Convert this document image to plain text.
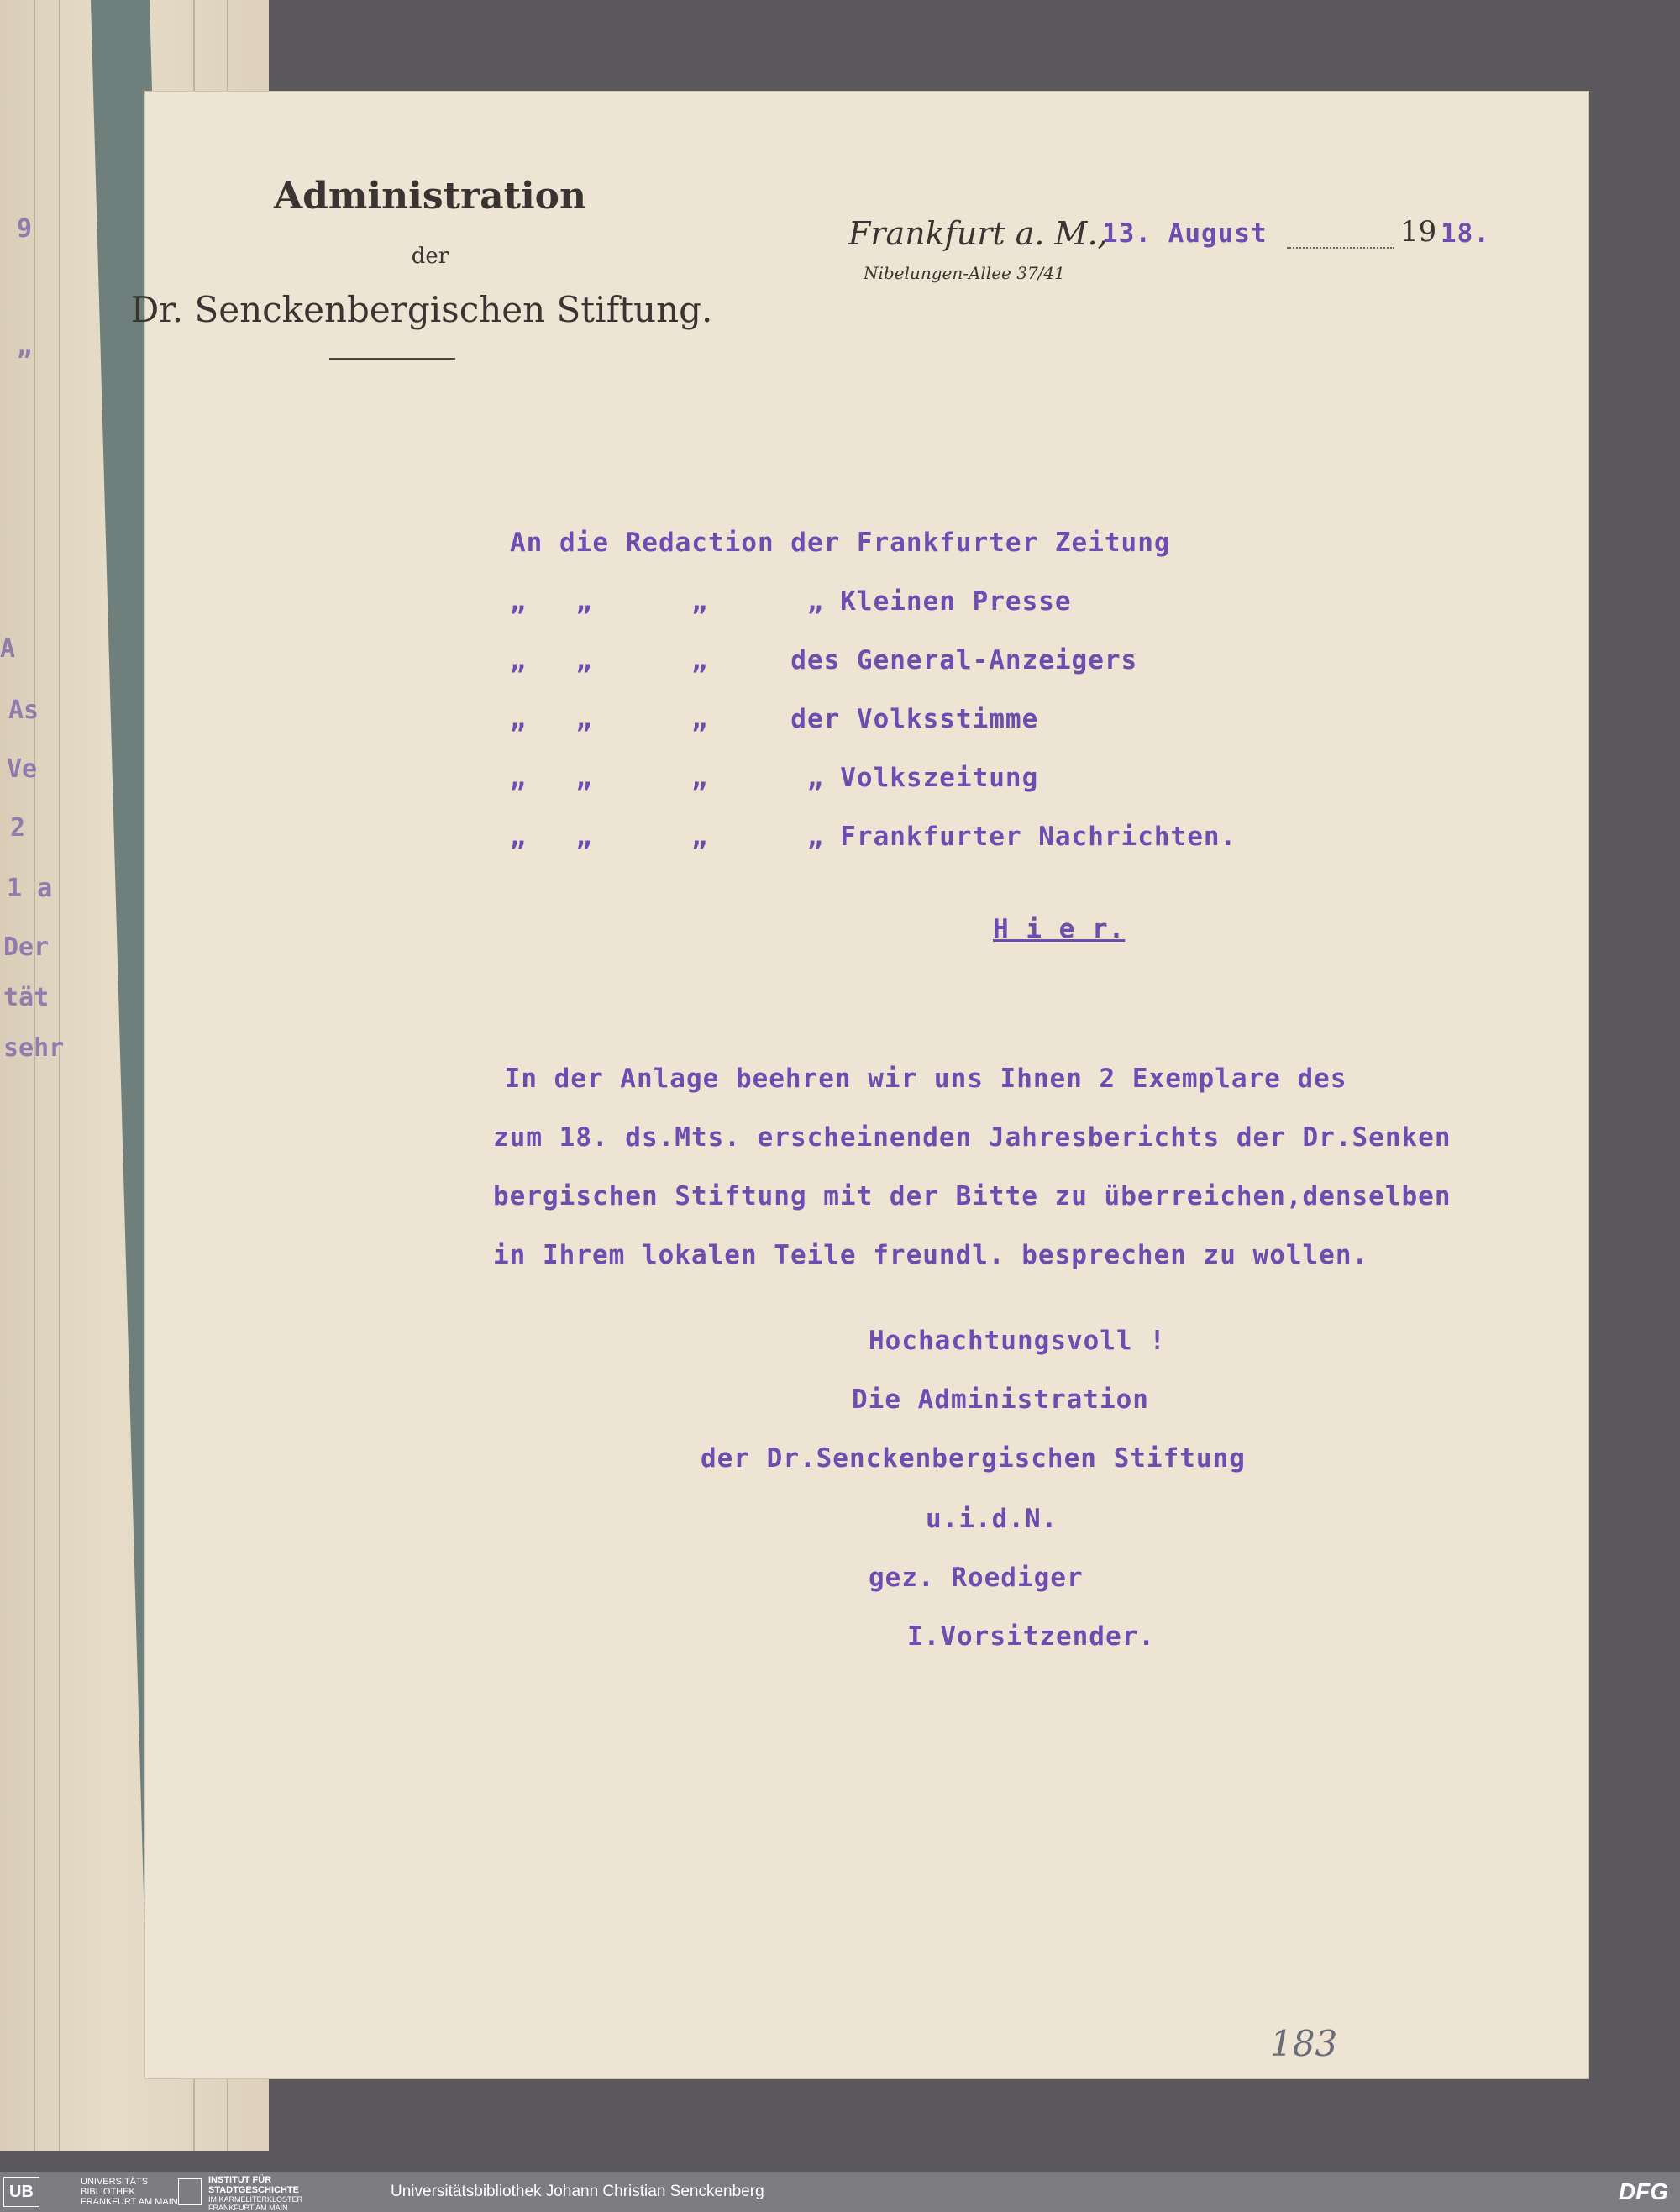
9
„
A
As
Ve
2
1 a
Der
tät
sehr
Administration
der
Dr. Senckenbergischen Stiftung.
Frankfurt a. M.,
13. August	19 18.
Nibelungen-Allee 37/41
An die Redaction der Frankfurter Zeitung
„   „      „      „ Kleinen Presse
„   „      „     des General-Anzeigers
„   „      „     der Volksstimme
„   „      „      „ Volkszeitung
„   „      „      „ Frankfurter Nachrichten.
H i e r.
In der Anlage beehren wir uns Ihnen 2 Exemplare des
zum 18. ds.Mts. erscheinenden Jahresberichts der Dr.Senken
bergischen Stiftung mit der Bitte zu überreichen,denselben
in Ihrem lokalen Teile freundl. besprechen zu wollen.
Hochachtungsvoll !
Die Administration
der Dr.Senckenbergischen Stiftung
u.i.d.N.
gez. Roediger
I.Vorsitzender.
183
UB
UNIVERSITÄTS
BIBLIOTHEK
FRANKFURT AM MAIN
INSTITUT FÜR
STADTGESCHICHTE
IM KARMELITERKLOSTER
FRANKFURT AM MAIN
Universitätsbibliothek Johann Christian Senckenberg	DFG
